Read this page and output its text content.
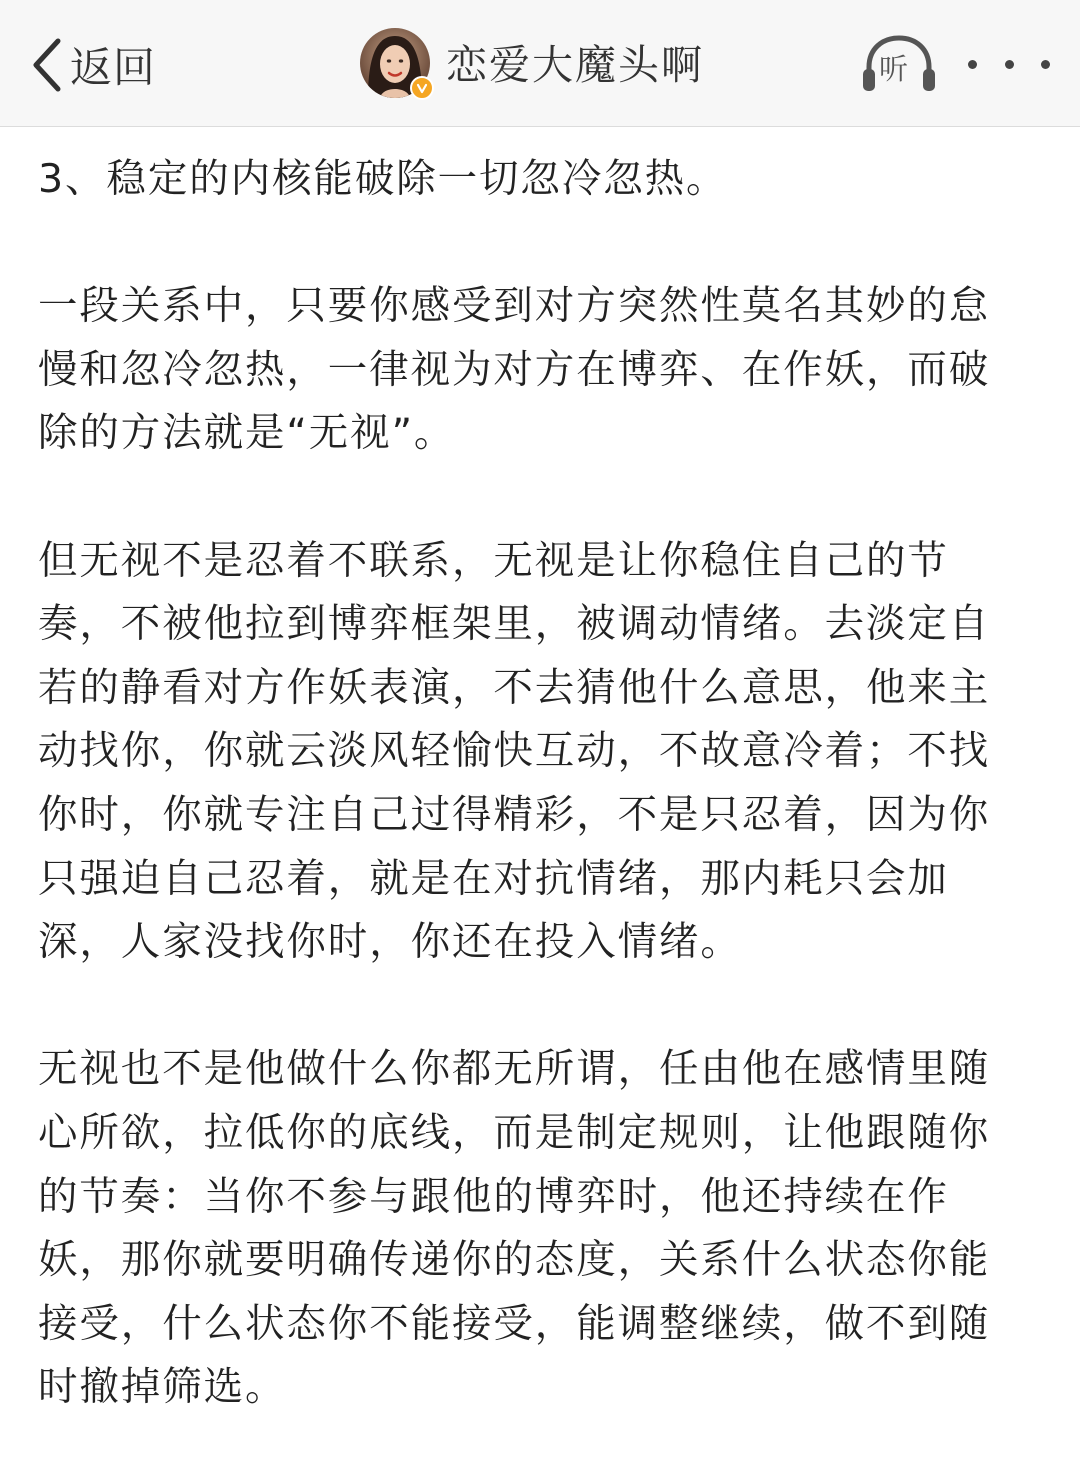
返回	恋爱大魔头啊	听

3、稳定的内核能破除一切忽冷忽热。

一段关系中，只要你感受到对方突然性莫名其妙的怠慢和忽冷忽热，一律视为对方在博弈、在作妖，而破除的方法就是“无视”。

但无视不是忍着不联系，无视是让你稳住自己的节奏，不被他拉到博弈框架里，被调动情绪。去淡定自若的静看对方作妖表演，不去猜他什么意思，他来主动找你，你就云淡风轻愉快互动，不故意冷着；不找你时，你就专注自己过得精彩，不是只忍着，因为你只强迫自己忍着，就是在对抗情绪，那内耗只会加深，人家没找你时，你还在投入情绪。

无视也不是他做什么你都无所谓，任由他在感情里随心所欲，拉低你的底线，而是制定规则，让他跟随你的节奏：当你不参与跟他的博弈时，他还持续在作妖，那你就要明确传递你的态度，关系什么状态你能接受，什么状态你不能接受，能调整继续，做不到随时撤掉筛选。
